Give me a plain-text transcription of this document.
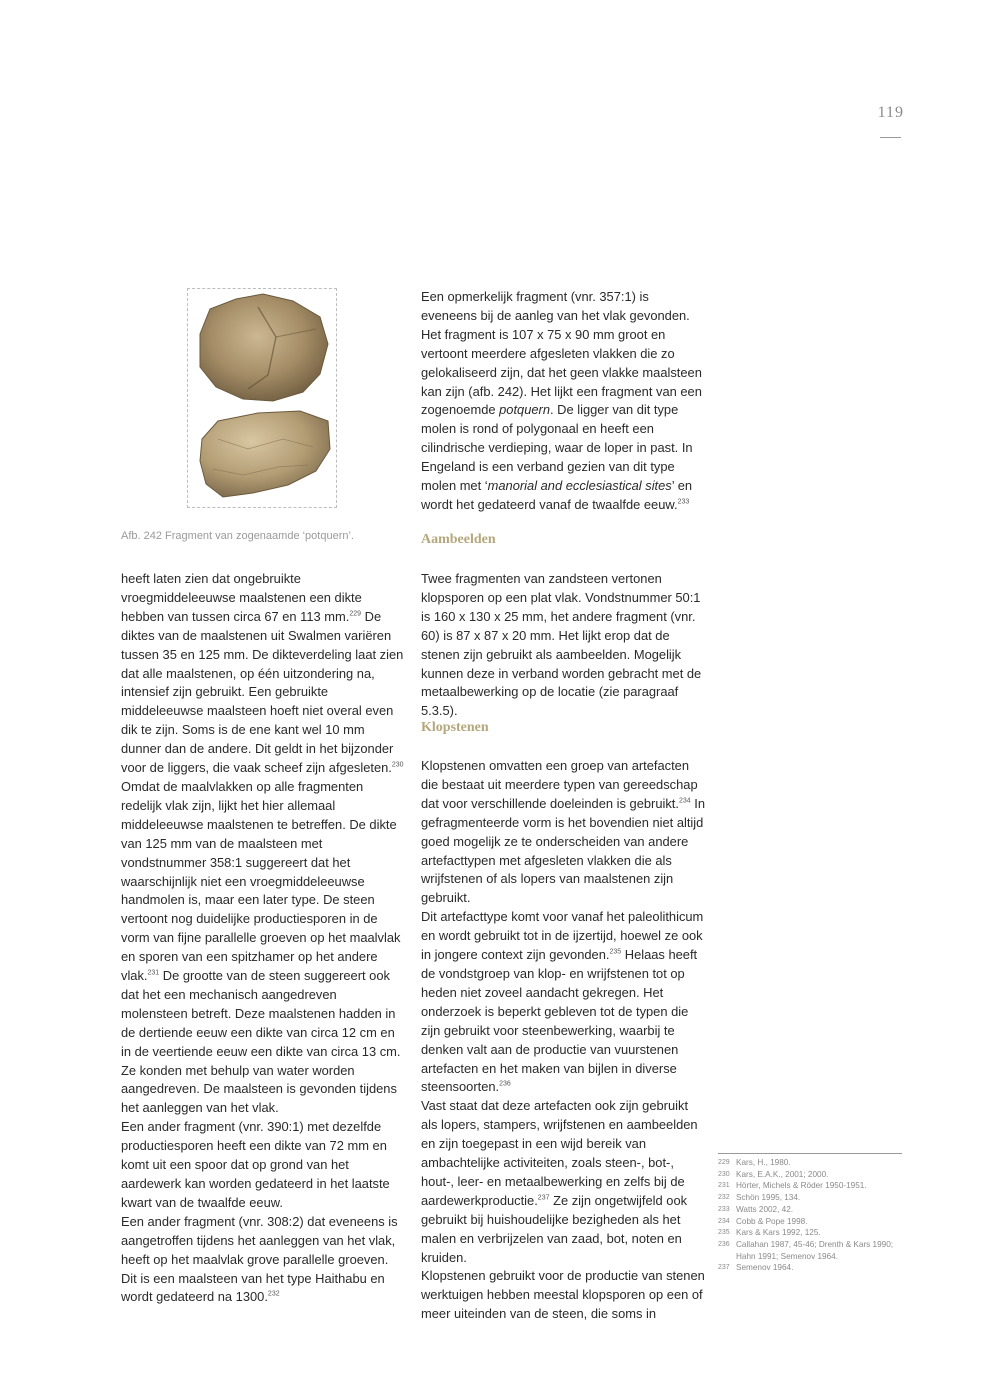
119
Afb. 242 Fragment van zogenaamde ‘potquern’.

Een opmerkelijk fragment (vnr. 357:1) is eveneens bij de aanleg van het vlak gevonden. Het fragment is 107 x 75 x 90 mm groot en vertoont meerdere afgesleten vlakken die zo gelokaliseerd zijn, dat het geen vlakke maalsteen kan zijn (afb. 242). Het lijkt een fragment van een zogenoemde potquern. De ligger van dit type molen is rond of polygonaal en heeft een cilindrische verdieping, waar de loper in past. In Engeland is een verband gezien van dit type molen met ‘manorial and ecclesiastical sites’ en wordt het gedateerd vanaf de twaalfde eeuw.$^{233}$

Aambeelden

heeft laten zien dat ongebruikte vroegmiddeleeuwse maalstenen een dikte hebben van tussen circa 67 en 113 mm.$^{229}$ De diktes van de maalstenen uit Swalmen variëren tussen 35 en 125 mm. De dikteverdeling laat zien dat alle maalstenen, op één uitzondering na, intensief zijn gebruikt. Een gebruikte middeleeuwse maalsteen hoeft niet overal even dik te zijn. Soms is de ene kant wel 10 mm dunner dan de andere. Dit geldt in het bijzonder voor de liggers, die vaak scheef zijn afgesleten.$^{230}$ Omdat de maalvlakken op alle fragmenten redelijk vlak zijn, lijkt het hier allemaal middeleeuwse maalstenen te betreffen. De dikte van 125 mm van de maalsteen met vondstnummer 358:1 suggereert dat het waarschijnlijk niet een vroegmiddeleeuwse handmolen is, maar een later type. De steen vertoont nog duidelijke productiesporen in de vorm van fijne parallelle groeven op het maalvlak en sporen van een spitzhamer op het andere vlak.$^{231}$ De grootte van de steen suggereert ook dat het een mechanisch aangedreven molensteen betreft. Deze maalstenen hadden in de dertiende eeuw een dikte van circa 12 cm en in de veertiende eeuw een dikte van circa 13 cm. Ze konden met behulp van water worden aangedreven. De maalsteen is gevonden tijdens het aanleggen van het vlak.

Een ander fragment (vnr. 390:1) met dezelfde productiesporen heeft een dikte van 72 mm en komt uit een spoor dat op grond van het aardewerk kan worden gedateerd in het laatste kwart van de twaalfde eeuw.

Een ander fragment (vnr. 308:2) dat eveneens is aangetroffen tijdens het aanleggen van het vlak, heeft op het maalvlak grove parallelle groeven. Dit is een maalsteen van het type Haithabu en wordt gedateerd na 1300.$^{232}$

Twee fragmenten van zandsteen vertonen klopsporen op een plat vlak. Vondstnummer 50:1 is 160 x 130 x 25 mm, het andere fragment (vnr. 60) is 87 x 87 x 20 mm. Het lijkt erop dat de stenen zijn gebruikt als aambeelden. Mogelijk kunnen deze in verband worden gebracht met de metaalbewerking op de locatie (zie paragraaf 5.3.5).

Klopstenen

Klopstenen omvatten een groep van artefacten die bestaat uit meerdere typen van gereedschap dat voor verschillende doeleinden is gebruikt.$^{234}$ In gefragmenteerde vorm is het bovendien niet altijd goed mogelijk ze te onderscheiden van andere artefacttypen met afgesleten vlakken die als wrijfstenen of als lopers van maalstenen zijn gebruikt.

Dit artefacttype komt voor vanaf het paleolithicum en wordt gebruikt tot in de ijzertijd, hoewel ze ook in jongere context zijn gevonden.$^{235}$ Helaas heeft de vondstgroep van klop- en wrijfstenen tot op heden niet zoveel aandacht gekregen. Het onderzoek is beperkt gebleven tot de typen die zijn gebruikt voor steenbewerking, waarbij te denken valt aan de productie van vuurstenen artefacten en het maken van bijlen in diverse steensoorten.$^{236}$

Vast staat dat deze artefacten ook zijn gebruikt als lopers, stampers, wrijfstenen en aambeelden en zijn toegepast in een wijd bereik van ambachtelijke activiteiten, zoals steen-, bot-, hout-, leer- en metaalbewerking en zelfs bij de aardewerkproductie.$^{237}$ Ze zijn ongetwijfeld ook gebruikt bij huishoudelijke bezigheden als het malen en verbrijzelen van zaad, bot, noten en kruiden.

Klopstenen gebruikt voor de productie van stenen werktuigen hebben meestal klopsporen op een of meer uiteinden van de steen, die soms in

229 Kars, H., 1980.
230 Kars, E.A.K., 2001; 2000.
231 Hörter, Michels & Röder 1950-1951.
232 Schön 1995, 134.
233 Watts 2002, 42.
234 Cobb & Pope 1998.
235 Kars & Kars 1992, 125.
236 Callahan 1987, 45-46; Drenth & Kars 1990; Hahn 1991; Semenov 1964.
237 Semenov 1964.
